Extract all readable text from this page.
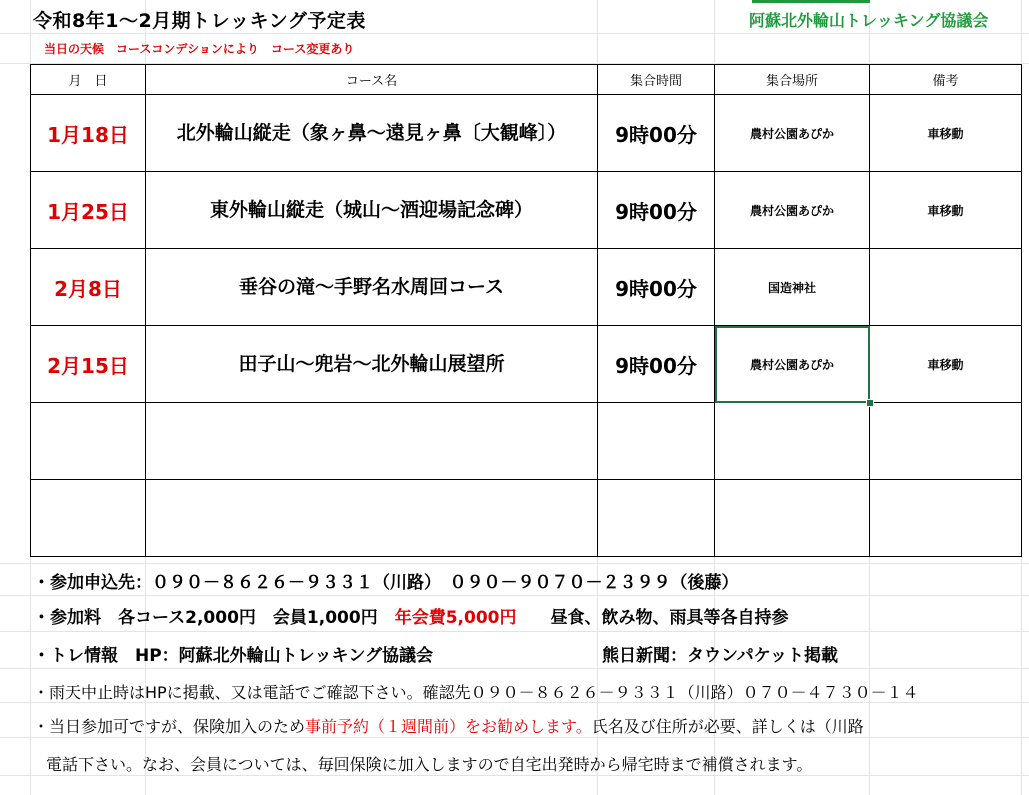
令和8年1～2月期トレッキング予定表	阿蘇北外輪山トレッキング協議会
当日の天候　コースコンデションにより　コース変更あり
月　日	コース名	集合時間	集合場所	備考
1月18日	北外輪山縦走（象ヶ鼻～遠見ヶ鼻〔大観峰〕）	9時00分	農村公園あぴか	車移動
1月25日	東外輪山縦走（城山～酒迎場記念碑）	9時00分	農村公園あぴか	車移動
2月8日	垂谷の滝～手野名水周回コース	9時00分	国造神社	
2月15日	田子山～兜岩～北外輪山展望所	9時00分	農村公園あぴか	車移動

・参加申込先：０９０－８６２６－９３３１（川路）　０９０－９０７０－２３９９（後藤）
・参加料　各コース2,000円　会員1,000円　年会費5,000円　　昼食、飲み物、雨具等各自持参
・トレ情報　HP：阿蘇北外輪山トレッキング協議会	熊日新聞：タウンパケット掲載
・雨天中止時はHPに掲載、又は電話でご確認下さい。確認先０９０－８６２６－９３３１（川路）０７０－４７３０－１４
・当日参加可ですが、保険加入のため事前予約（１週間前）をお勧めします。氏名及び住所が必要、詳しくは（川路
電話下さい。なお、会員については、毎回保険に加入しますので自宅出発時から帰宅時まで補償されます。
